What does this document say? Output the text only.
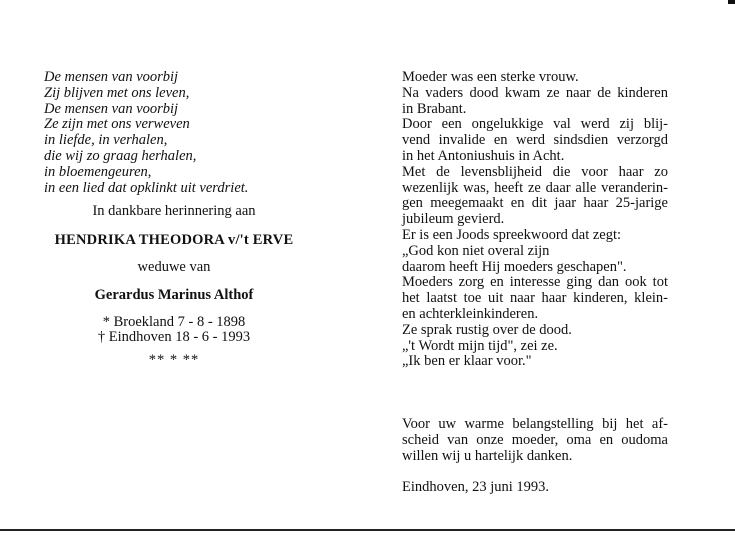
De mensen van voorbij
Zij blijven met ons leven,
De mensen van voorbij
Ze zijn met ons verweven
in liefde, in verhalen,
die wij zo graag herhalen,
in bloemengeuren,
in een lied dat opklinkt uit verdriet.
In dankbare herinnering aan
HENDRIKA THEODORA v/'t ERVE
weduwe van
Gerardus Marinus Althof
* Broekland 7 - 8 - 1898
† Eindhoven 18 - 6 - 1993
** * **
Moeder was een sterke vrouw.
Na vaders dood kwam ze naar de kinderen
in Brabant.
Door een ongelukkige val werd zij blij-
vend invalide en werd sindsdien verzorgd
in het Antoniushuis in Acht.
Met de levensblijheid die voor haar zo
wezenlijk was, heeft ze daar alle veranderin-
gen meegemaakt en dit jaar haar 25-jarige
jubileum gevierd.
Er is een Joods spreekwoord dat zegt:
„God kon niet overal zijn
daarom heeft Hij moeders geschapen".
Moeders zorg en interesse ging dan ook tot
het laatst toe uit naar haar kinderen, klein-
en achterkleinkinderen.
Ze sprak rustig over de dood.
„'t Wordt mijn tijd", zei ze.
„Ik ben er klaar voor."
Voor uw warme belangstelling bij het af-
scheid van onze moeder, oma en oudoma
willen wij u hartelijk danken.
Eindhoven, 23 juni 1993.
